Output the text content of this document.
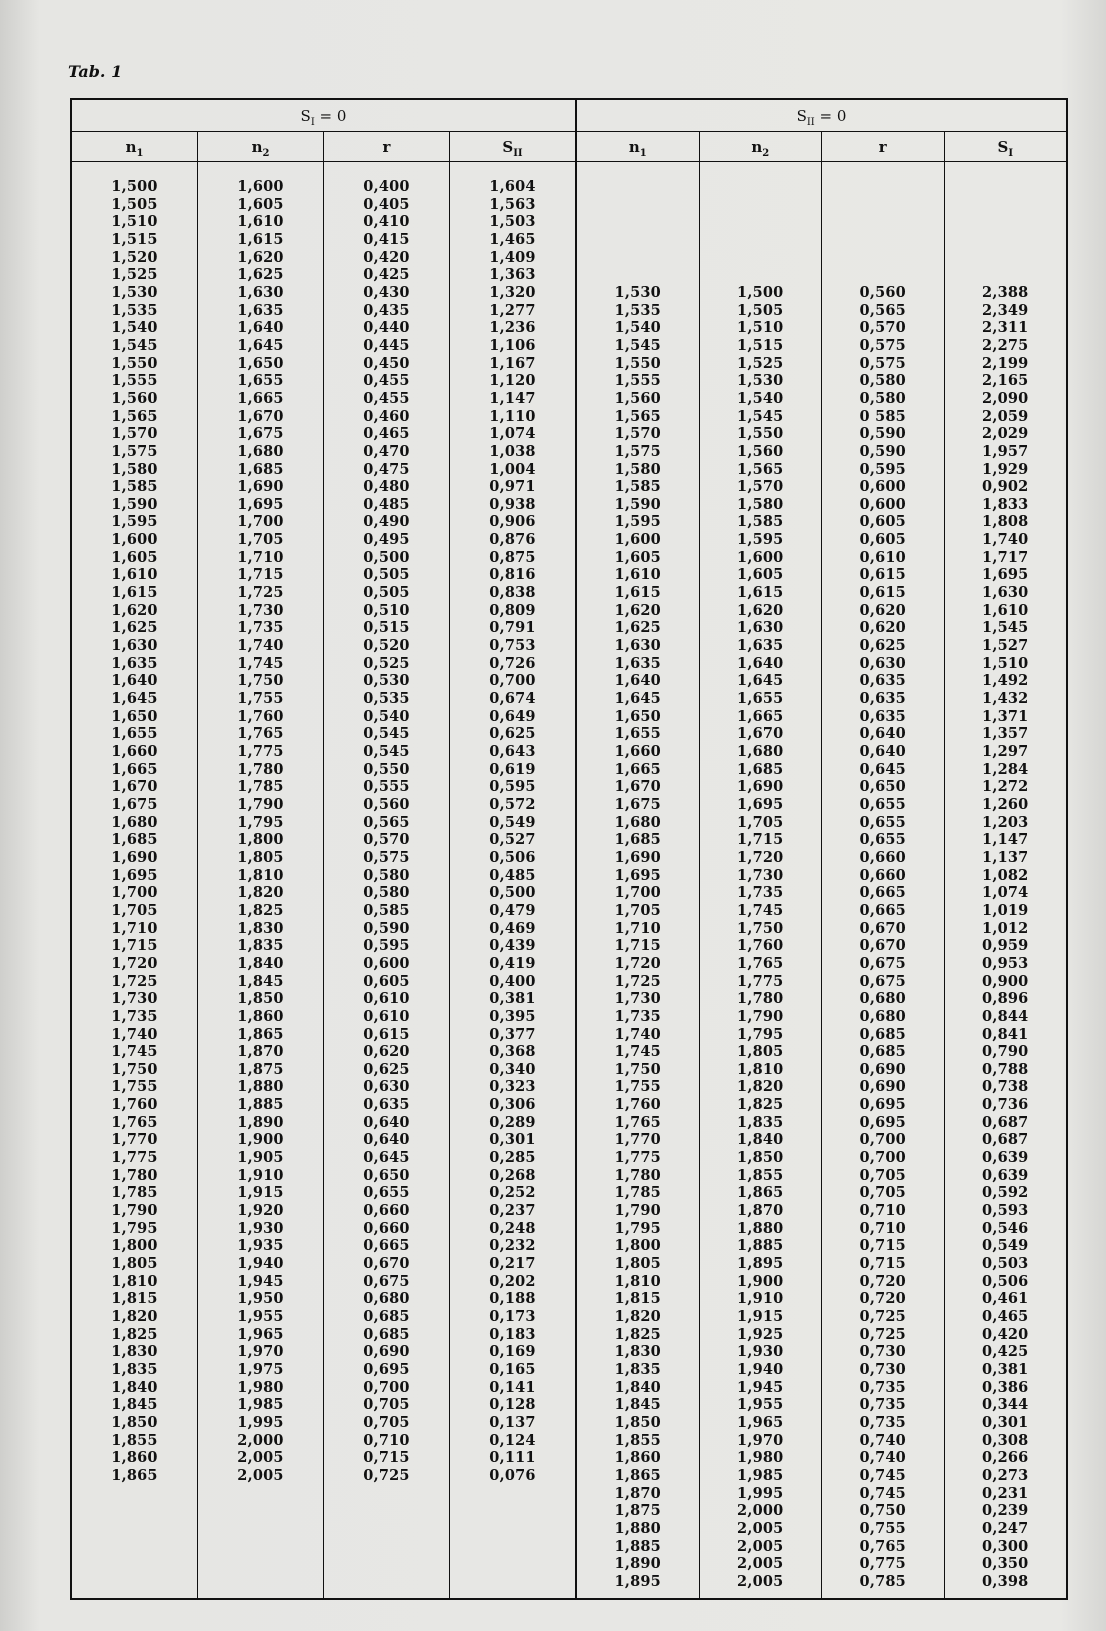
Tab. 1
$S_I = 0$
$n_1$
1,500
1,505
1,510
1,515
1,520
1,525
1,530
1,535
1,540
1,545
1,550
1,555
1,560
1,565
1,570
1,575
1,580
1,585
1,590
1,595
1,600
1,605
1,610
1,615
1,620
1,625
1,630
1,635
1,640
1,645
1,650
1,655
1,660
1,665
1,670
1,675
1,680
1,685
1,690
1,695
1,700
1,705
1,710
1,715
1,720
1,725
1,730
1,735
1,740
1,745
1,750
1,755
1,760
1,765
1,770
1,775
1,780
1,785
1,790
1,795
1,800
1,805
1,810
1,815
1,820
1,825
1,830
1,835
1,840
1,845
1,850
1,855
1,860
1,865
$n_2$
1,600
1,605
1,610
1,615
1,620
1,625
1,630
1,635
1,640
1,645
1,650
1,655
1,665
1,670
1,675
1,680
1,685
1,690
1,695
1,700
1,705
1,710
1,715
1,725
1,730
1,735
1,740
1,745
1,750
1,755
1,760
1,765
1,775
1,780
1,785
1,790
1,795
1,800
1,805
1,810
1,820
1,825
1,830
1,835
1,840
1,845
1,850
1,860
1,865
1,870
1,875
1,880
1,885
1,890
1,900
1,905
1,910
1,915
1,920
1,930
1,935
1,940
1,945
1,950
1,955
1,965
1,970
1,975
1,980
1,985
1,995
2,000
2,005
2,005
r
0,400
0,405
0,410
0,415
0,420
0,425
0,430
0,435
0,440
0,445
0,450
0,455
0,455
0,460
0,465
0,470
0,475
0,480
0,485
0,490
0,495
0,500
0,505
0,505
0,510
0,515
0,520
0,525
0,530
0,535
0,540
0,545
0,545
0,550
0,555
0,560
0,565
0,570
0,575
0,580
0,580
0,585
0,590
0,595
0,600
0,605
0,610
0,610
0,615
0,620
0,625
0,630
0,635
0,640
0,640
0,645
0,650
0,655
0,660
0,660
0,665
0,670
0,675
0,680
0,685
0,685
0,690
0,695
0,700
0,705
0,705
0,710
0,715
0,725
$S_{II}$
1,604
1,563
1,503
1,465
1,409
1,363
1,320
1,277
1,236
1,106
1,167
1,120
1,147
1,110
1,074
1,038
1,004
0,971
0,938
0,906
0,876
0,875
0,816
0,838
0,809
0,791
0,753
0,726
0,700
0,674
0,649
0,625
0,643
0,619
0,595
0,572
0,549
0,527
0,506
0,485
0,500
0,479
0,469
0,439
0,419
0,400
0,381
0,395
0,377
0,368
0,340
0,323
0,306
0,289
0,301
0,285
0,268
0,252
0,237
0,248
0,232
0,217
0,202
0,188
0,173
0,183
0,169
0,165
0,141
0,128
0,137
0,124
0,111
0,076
$S_{II} = 0$
$n_1$
1,530
1,535
1,540
1,545
1,550
1,555
1,560
1,565
1,570
1,575
1,580
1,585
1,590
1,595
1,600
1,605
1,610
1,615
1,620
1,625
1,630
1,635
1,640
1,645
1,650
1,655
1,660
1,665
1,670
1,675
1,680
1,685
1,690
1,695
1,700
1,705
1,710
1,715
1,720
1,725
1,730
1,735
1,740
1,745
1,750
1,755
1,760
1,765
1,770
1,775
1,780
1,785
1,790
1,795
1,800
1,805
1,810
1,815
1,820
1,825
1,830
1,835
1,840
1,845
1,850
1,855
1,860
1,865
1,870
1,875
1,880
1,885
1,890
1,895
$n_2$
1,500
1,505
1,510
1,515
1,525
1,530
1,540
1,545
1,550
1,560
1,565
1,570
1,580
1,585
1,595
1,600
1,605
1,615
1,620
1,630
1,635
1,640
1,645
1,655
1,665
1,670
1,680
1,685
1,690
1,695
1,705
1,715
1,720
1,730
1,735
1,745
1,750
1,760
1,765
1,775
1,780
1,790
1,795
1,805
1,810
1,820
1,825
1,835
1,840
1,850
1,855
1,865
1,870
1,880
1,885
1,895
1,900
1,910
1,915
1,925
1,930
1,940
1,945
1,955
1,965
1,970
1,980
1,985
1,995
2,000
2,005
2,005
2,005
2,005
r
0,560
0,565
0,570
0,575
0,575
0,580
0,580
0 585
0,590
0,590
0,595
0,600
0,600
0,605
0,605
0,610
0,615
0,615
0,620
0,620
0,625
0,630
0,635
0,635
0,635
0,640
0,640
0,645
0,650
0,655
0,655
0,655
0,660
0,660
0,665
0,665
0,670
0,670
0,675
0,675
0,680
0,680
0,685
0,685
0,690
0,690
0,695
0,695
0,700
0,700
0,705
0,705
0,710
0,710
0,715
0,715
0,720
0,720
0,725
0,725
0,730
0,730
0,735
0,735
0,735
0,740
0,740
0,745
0,745
0,750
0,755
0,765
0,775
0,785
$S_I$
2,388
2,349
2,311
2,275
2,199
2,165
2,090
2,059
2,029
1,957
1,929
0,902
1,833
1,808
1,740
1,717
1,695
1,630
1,610
1,545
1,527
1,510
1,492
1,432
1,371
1,357
1,297
1,284
1,272
1,260
1,203
1,147
1,137
1,082
1,074
1,019
1,012
0,959
0,953
0,900
0,896
0,844
0,841
0,790
0,788
0,738
0,736
0,687
0,687
0,639
0,639
0,592
0,593
0,546
0,549
0,503
0,506
0,461
0,465
0,420
0,425
0,381
0,386
0,344
0,301
0,308
0,266
0,273
0,231
0,239
0,247
0,300
0,350
0,398
